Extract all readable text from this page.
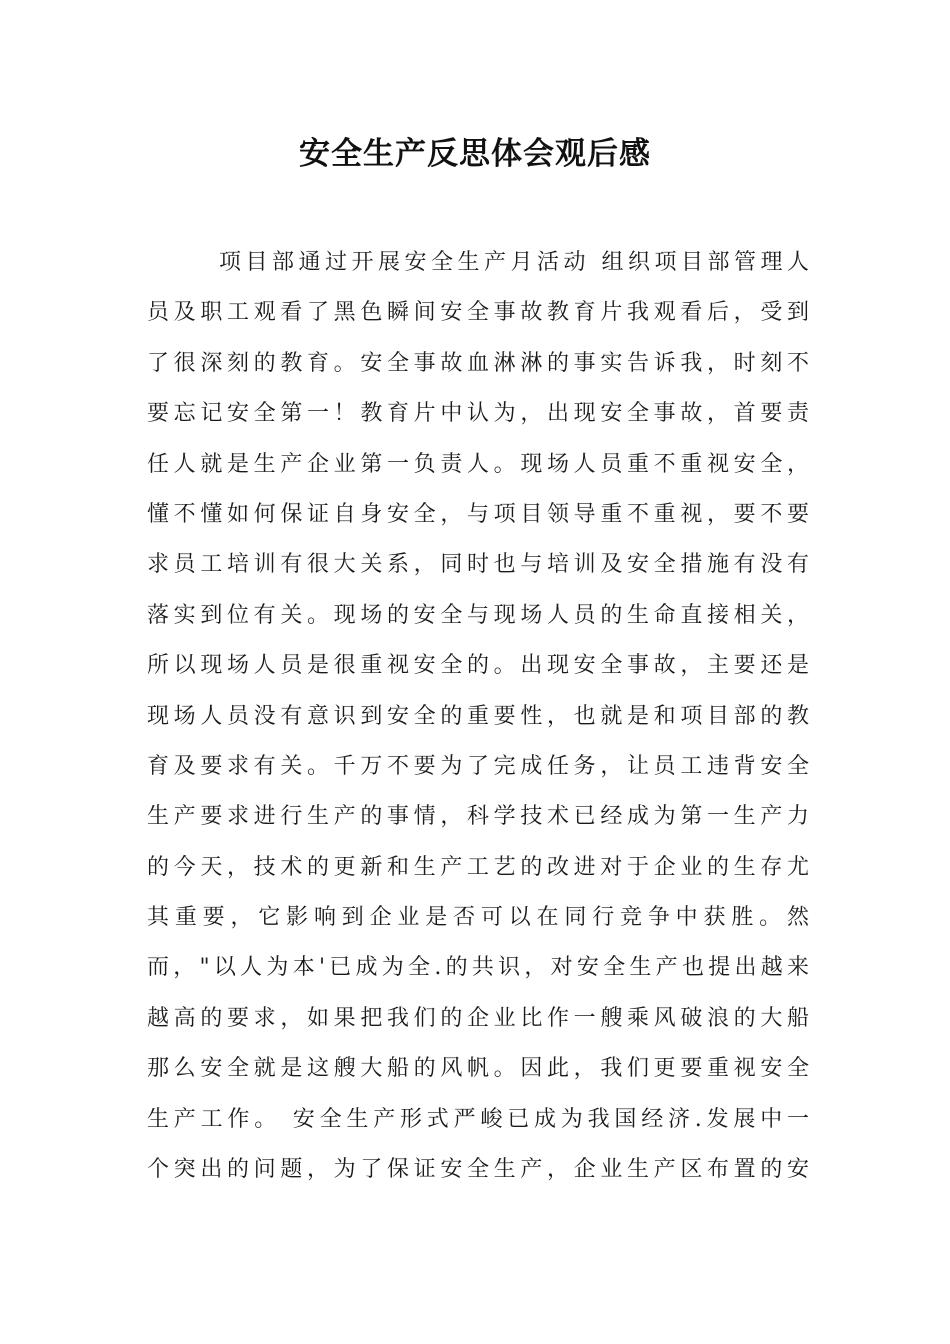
安全生产反思体会观后感
项目部通过开展安全生产月活动 组织项目部管理人
员及职工观看了黑色瞬间安全事故教育片我观看后，受到
了很深刻的教育。安全事故血淋淋的事实告诉我，时刻不
要忘记安全第一！教育片中认为，出现安全事故，首要责
任人就是生产企业第一负责人。现场人员重不重视安全，
懂不懂如何保证自身安全，与项目领导重不重视，要不要
求员工培训有很大关系，同时也与培训及安全措施有没有
落实到位有关。现场的安全与现场人员的生命直接相关，
所以现场人员是很重视安全的。出现安全事故，主要还是
现场人员没有意识到安全的重要性，也就是和项目部的教
育及要求有关。千万不要为了完成任务，让员工违背安全
生产要求进行生产的事情，科学技术已经成为第一生产力
的今天，技术的更新和生产工艺的改进对于企业的生存尤
其重要，它影响到企业是否可以在同行竞争中获胜。然
而，"以人为本'已成为全.的共识，对安全生产也提出越来
越高的要求，如果把我们的企业比作一艘乘风破浪的大船
那么安全就是这艘大船的风帆。因此，我们更要重视安全
生产工作。 安全生产形式严峻已成为我国经济.发展中一
个突出的问题，为了保证安全生产，企业生产区布置的安
